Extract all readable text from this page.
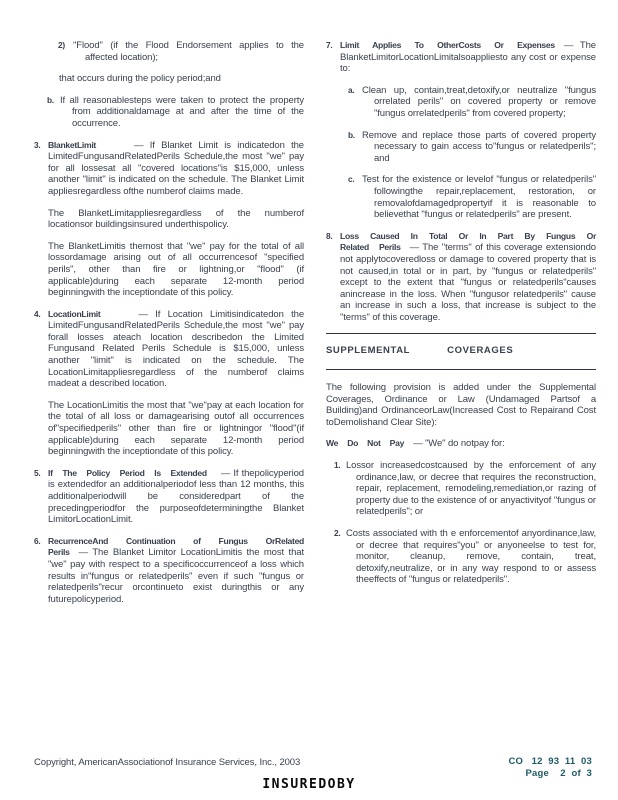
2) "Flood" (if the Flood Endorsement applies to the affected location);
that occurs during the policy period;and
b. If all reasonablesteps were taken to protect the property from additionaldamage at and after the time of the occurrence.
3. BlanketLimit	— If Blanket Limit is indicatedon the LimitedFungusandRelatedPerils Schedule,the most "we" pay for all lossesat all "covered locations"is $15,000, unless another "limit" is indicated on the schedule. The Blanket Limit appliesregardless ofthe numberof claims made.
The BlanketLimitappliesregardless of the numberof locationsor buildingsinsured underthispolicy.
The BlanketLimitis themost that "we" pay for the total of all lossordamage arising out of all occurrencesof "specified perils", other than fire or lightning,or "flood" (if applicable)during each separate 12-month period beginningwith the inceptiondate of this policy.
4. LocationLimit	— If Location Limitisindicatedon the LimitedFungusandRelatedPerils Schedule,the most "we" pay forall losses ateach location describedon the Limited Fungusand Related Perils Schedule is $15,000, unless another "limit" is indicated on the schedule. The LocationLimitappliesregardless of the numberof claims madeat a described location.
The LocationLimitis the most that "we"pay at each location for the total of all loss or damagearising outof all occurrences of"specifiedperils" other than fire or lightningor "flood"(if applicable)during each separate 12-month period beginningwith the inceptiondate of this policy.
5. If The Policy Period Is Extended — If thepolicyperiod is extendedfor an additionalperiodof less than 12 months, this additionalperiodwill be consideredpart of the precedingperiodfor the purposeofdeterminingthe Blanket LimitorLocationLimit.
6. RecurrenceAnd Continuation of Fungus OrRelated Perils — The Blanket Limitor LocationLimitis the most that "we" pay with respect to a specificoccurrenceof a loss which results in"fungus or relatedperils" even if such "fungus or relatedperils"recur orcontinueto exist duringthis or any futurepolicyperiod.
7. Limit Applies To OtherCosts Or Expenses — The BlanketLimitorLocationLimitalsoappliesto any cost or expense to:
a. Clean up, contain,treat,detoxify,or neutralize "fungus orrelated perils" on covered property or remove "fungus orrelatedperils" from covered property;
b. Remove and replace those parts of covered property necessary to gain access to"fungus or relatedperils"; and
c. Test for the existence or levelof "fungus or relatedperils" followingthe repair,replacement, restoration, or removalofdamagedpropertyif it is reasonable to believethat "fungus or relatedperils" are present.
8. Loss Caused In Total Or In Part By Fungus Or Related Perils — The "terms" of this coverage extensiondo not applytocoveredloss or damage to covered property that is not caused,in total or in part, by "fungus or relatedperils" except to the extent that "fungus or relatedperils"causes anincrease in the loss. When "fungusor relatedperils" cause an increase in such a loss, that increase is subject to the "terms" of this coverage.
SUPPLEMENTAL COVERAGES
The following provision is added under the Supplemental Coverages, Ordinance or Law (Undamaged Partsof a Building)and OrdinanceorLaw(Increased Cost to Repairand Cost toDemolishand Clear Site):
We Do Not Pay — "We" do notpay for:
1. Lossor increasedcostcaused by the enforcement of any ordinance,law, or decree that requires the reconstruction, repair, replacement, remodeling,remediation,or razing of property due to the existence of or anyactivityof "fungus or relatedperils"; or
2. Costs associated with th e enforcementof anyordinance,law, or decree that requires"you" or anyoneelse to test for, monitor, cleanup, remove, contain, treat, detoxify,neutralize, or in any way respond to or assess theeffects of "fungus or relatedperils".
Copyright, AmericanAssociationof Insurance Services, Inc., 2003	CO   12  93  11  03
Page    2  of  3
INSUREDOBY
